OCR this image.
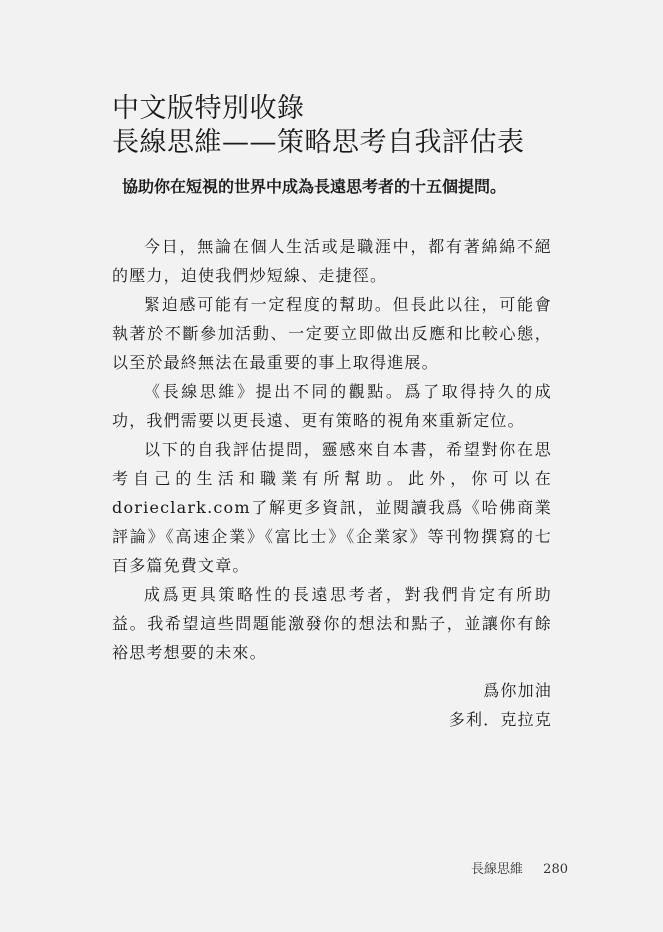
中文版特別收錄
長線思維——策略思考自我評估表

協助你在短視的世界中成為長遠思考者的十五個提問。

今日，無論在個人生活或是職涯中，都有著綿綿不絕的壓力，迫使我們炒短線、走捷徑。

緊迫感可能有一定程度的幫助。但長此以往，可能會執著於不斷參加活動、一定要立即做出反應和比較心態，以至於最終無法在最重要的事上取得進展。

《長線思維》提出不同的觀點。爲了取得持久的成功，我們需要以更長遠、更有策略的視角來重新定位。

以下的自我評估提問，靈感來自本書，希望對你在思考自己的生活和職業有所幫助。此外，你可以在dorieclark.com了解更多資訊，並閱讀我爲《哈佛商業評論》《高速企業》《富比士》《企業家》等刊物撰寫的七百多篇免費文章。

成爲更具策略性的長遠思考者，對我們肯定有所助益。我希望這些問題能激發你的想法和點子，並讓你有餘裕思考想要的未來。

爲你加油
多利．克拉克
長線思維 280
